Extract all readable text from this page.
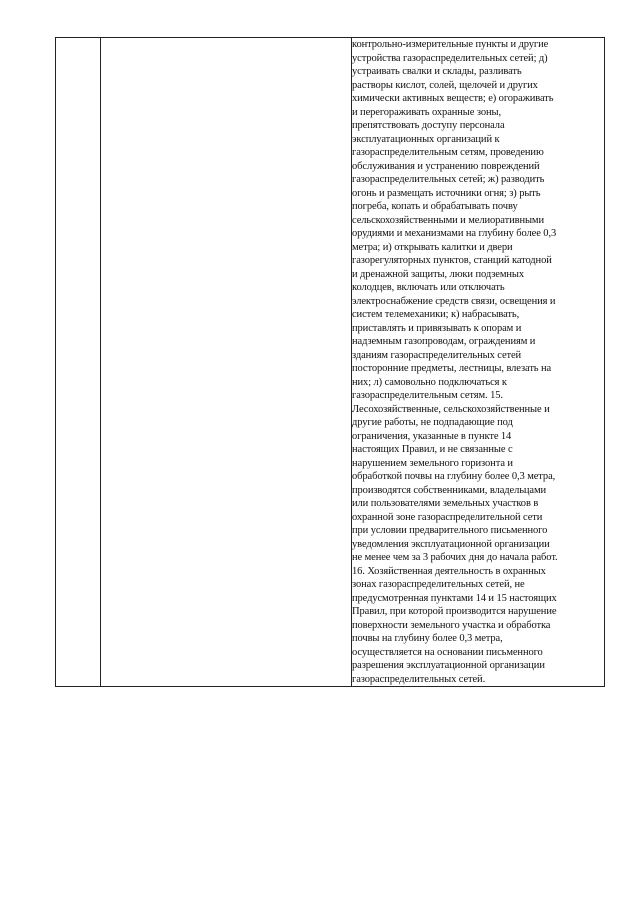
контрольно-измерительные пункты и другие
устройства газораспределительных сетей; д)
устраивать свалки и склады, разливать
растворы кислот, солей, щелочей и других
химически активных веществ; е) огораживать
и перегораживать охранные зоны,
препятствовать доступу персонала
эксплуатационных организаций к
газораспределительным сетям, проведению
обслуживания и устранению повреждений
газораспределительных сетей; ж) разводить
огонь и размещать источники огня; з) рыть
погреба, копать и обрабатывать почву
сельскохозяйственными и мелиоративными
орудиями и механизмами на глубину более 0,3
метра; и) открывать калитки и двери
газорегуляторных пунктов, станций катодной
и дренажной защиты, люки подземных
колодцев, включать или отключать
электроснабжение средств связи, освещения и
систем телемеханики; к) набрасывать,
приставлять и привязывать к опорам и
надземным газопроводам, ограждениям и
зданиям газораспределительных сетей
посторонние предметы, лестницы, влезать на
них; л) самовольно подключаться к
газораспределительным сетям. 15.
Лесохозяйственные, сельскохозяйственные и
другие работы, не подпадающие под
ограничения, указанные в пункте 14
настоящих Правил, и не связанные с
нарушением земельного горизонта и
обработкой почвы на глубину более 0,3 метра,
производятся собственниками, владельцами
или пользователями земельных участков в
охранной зоне газораспределительной сети
при условии предварительного письменного
уведомления эксплуатационной организации
не менее чем за 3 рабочих дня до начала работ.
16. Хозяйственная деятельность в охранных
зонах газораспределительных сетей, не
предусмотренная пунктами 14 и 15 настоящих
Правил, при которой производится нарушение
поверхности земельного участка и обработка
почвы на глубину более 0,3 метра,
осуществляется на основании письменного
разрешения эксплуатационной организации
газораспределительных сетей.
